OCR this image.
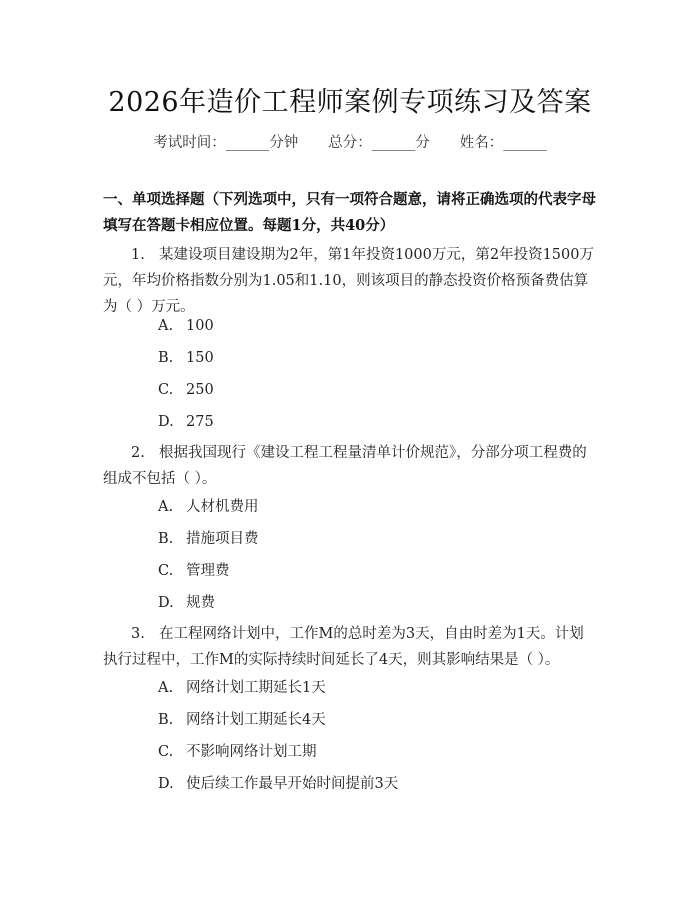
2026年造价工程师案例专项练习及答案
考试时间：______分钟 总分：______分 姓名：______
一、单项选择题（下列选项中，只有一项符合题意，请将正确选项的代表字母填写在答题卡相应位置。每题1分，共40分）
1. 某建设项目建设期为2年，第1年投资1000万元，第2年投资1500万元，年均价格指数分别为1.05和1.10，则该项目的静态投资价格预备费估算为（ ）万元。
A. 100
B. 150
C. 250
D. 275
2. 根据我国现行《建设工程工程量清单计价规范》，分部分项工程费的组成不包括（ ）。
A. 人材机费用
B. 措施项目费
C. 管理费
D. 规费
3. 在工程网络计划中，工作M的总时差为3天，自由时差为1天。计划执行过程中，工作M的实际持续时间延长了4天，则其影响结果是（ ）。
A. 网络计划工期延长1天
B. 网络计划工期延长4天
C. 不影响网络计划工期
D. 使后续工作最早开始时间提前3天
